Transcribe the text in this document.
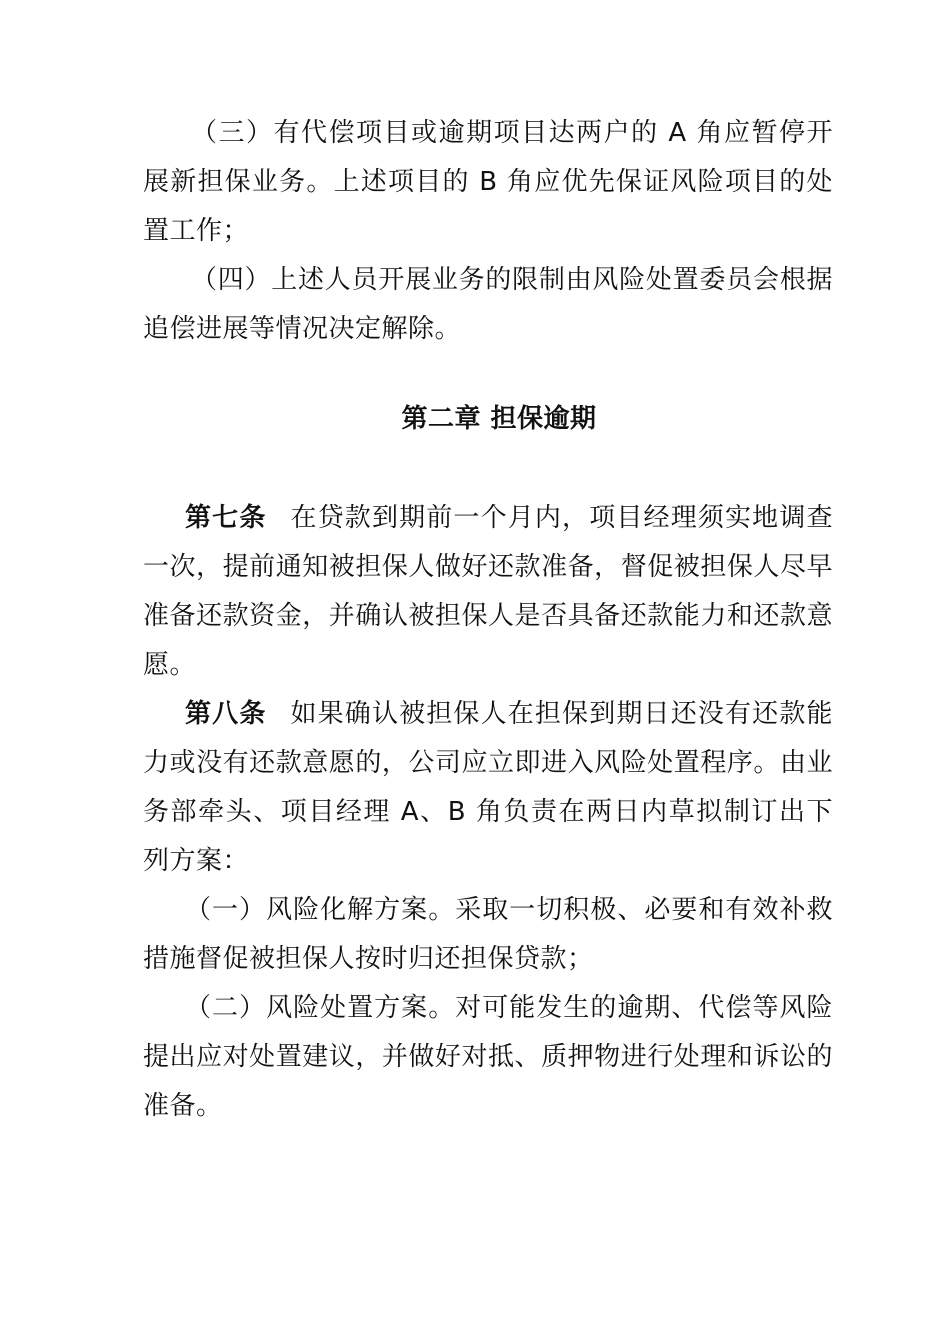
（三）有代偿项目或逾期项目达两户的 A 角应暂停开展新担保业务。上述项目的 B 角应优先保证风险项目的处置工作；

（四）上述人员开展业务的限制由风险处置委员会根据追偿进展等情况决定解除。

第二章 担保逾期

第七条 在贷款到期前一个月内，项目经理须实地调查一次，提前通知被担保人做好还款准备，督促被担保人尽早准备还款资金，并确认被担保人是否具备还款能力和还款意愿。

第八条 如果确认被担保人在担保到期日还没有还款能力或没有还款意愿的，公司应立即进入风险处置程序。由业务部牵头、项目经理 A、B 角负责在两日内草拟制订出下列方案：

（一）风险化解方案。采取一切积极、必要和有效补救措施督促被担保人按时归还担保贷款；

（二）风险处置方案。对可能发生的逾期、代偿等风险提出应对处置建议，并做好对抵、质押物进行处理和诉讼的准备。
